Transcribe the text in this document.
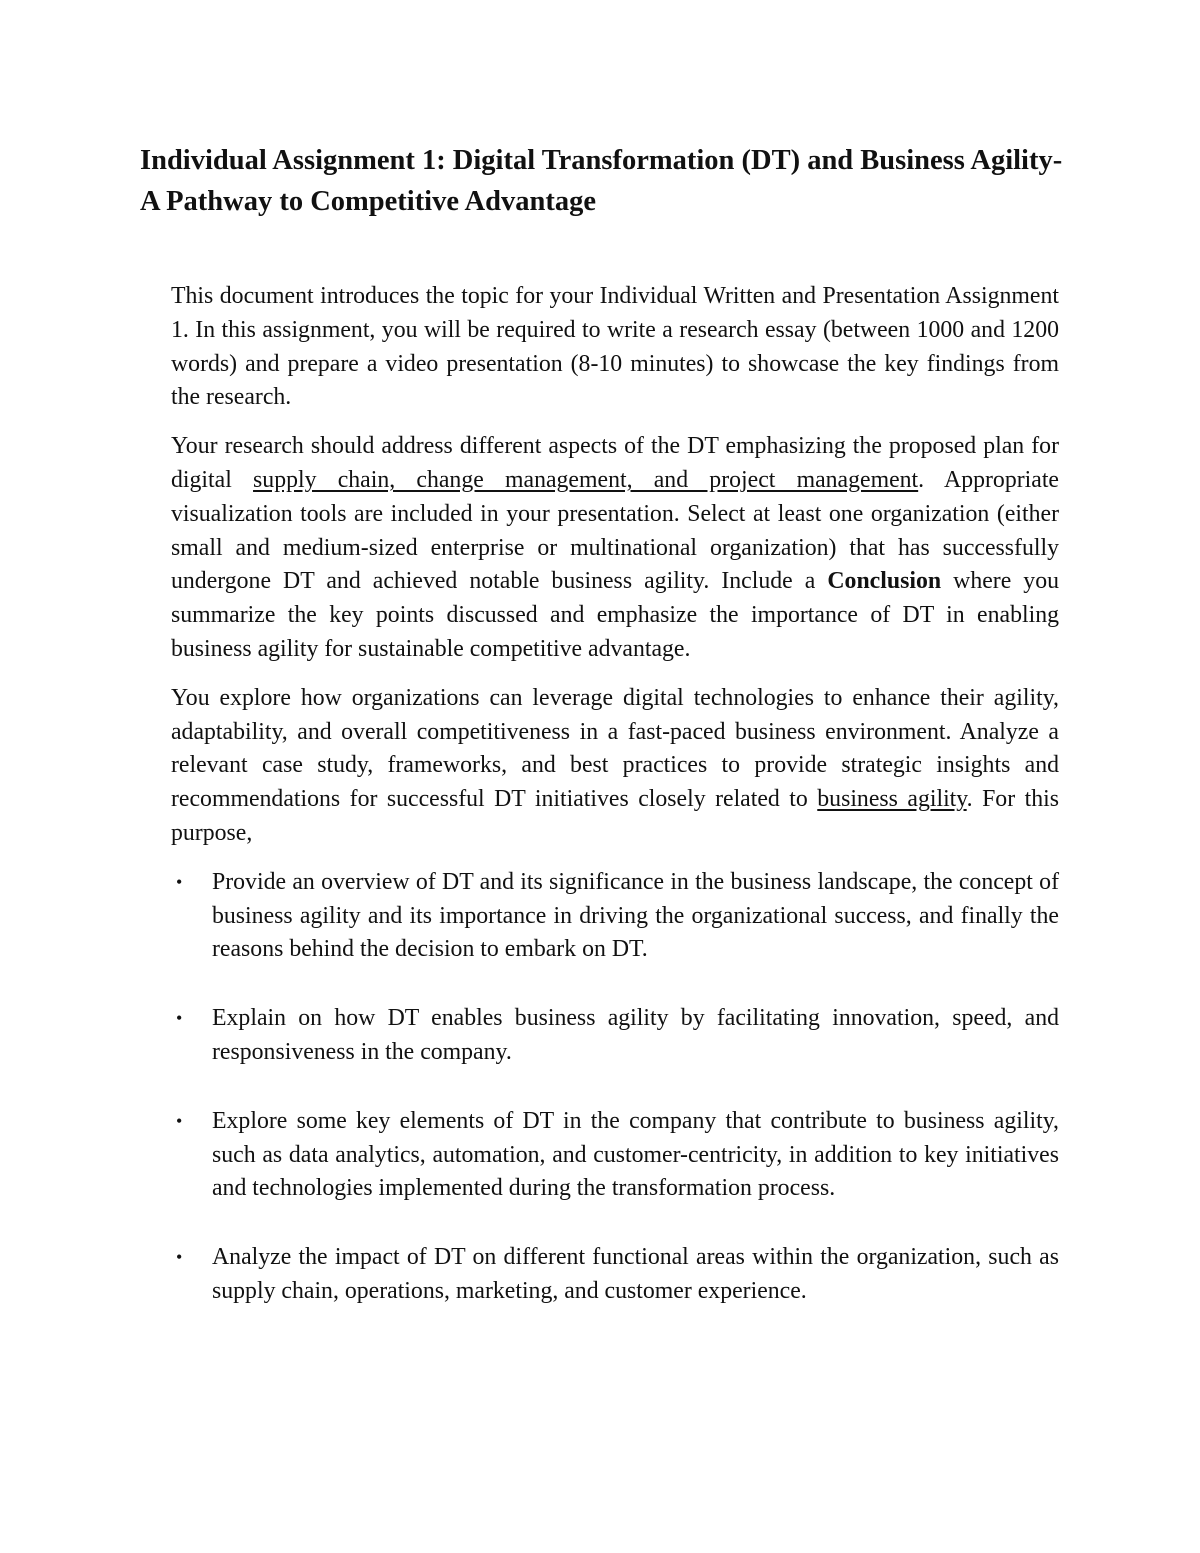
Individual Assignment 1: Digital Transformation (DT) and Business Agility- A Pathway to Competitive Advantage

This document introduces the topic for your Individual Written and Presentation Assignment 1. In this assignment, you will be required to write a research essay (between 1000 and 1200 words) and prepare a video presentation (8-10 minutes) to showcase the key findings from the research.

Your research should address different aspects of the DT emphasizing the proposed plan for digital supply chain, change management, and project management. Appropriate visualization tools are included in your presentation. Select at least one organization (either small and medium-sized enterprise or multinational organization) that has successfully undergone DT and achieved notable business agility. Include a Conclusion where you summarize the key points discussed and emphasize the importance of DT in enabling business agility for sustainable competitive advantage.

You explore how organizations can leverage digital technologies to enhance their agility, adaptability, and overall competitiveness in a fast-paced business environment. Analyze a relevant case study, frameworks, and best practices to provide strategic insights and recommendations for successful DT initiatives closely related to business agility. For this purpose,

• Provide an overview of DT and its significance in the business landscape, the concept of business agility and its importance in driving the organizational success, and finally the reasons behind the decision to embark on DT.
• Explain on how DT enables business agility by facilitating innovation, speed, and responsiveness in the company.
• Explore some key elements of DT in the company that contribute to business agility, such as data analytics, automation, and customer-centricity, in addition to key initiatives and technologies implemented during the transformation process.
• Analyze the impact of DT on different functional areas within the organization, such as supply chain, operations, marketing, and customer experience.
